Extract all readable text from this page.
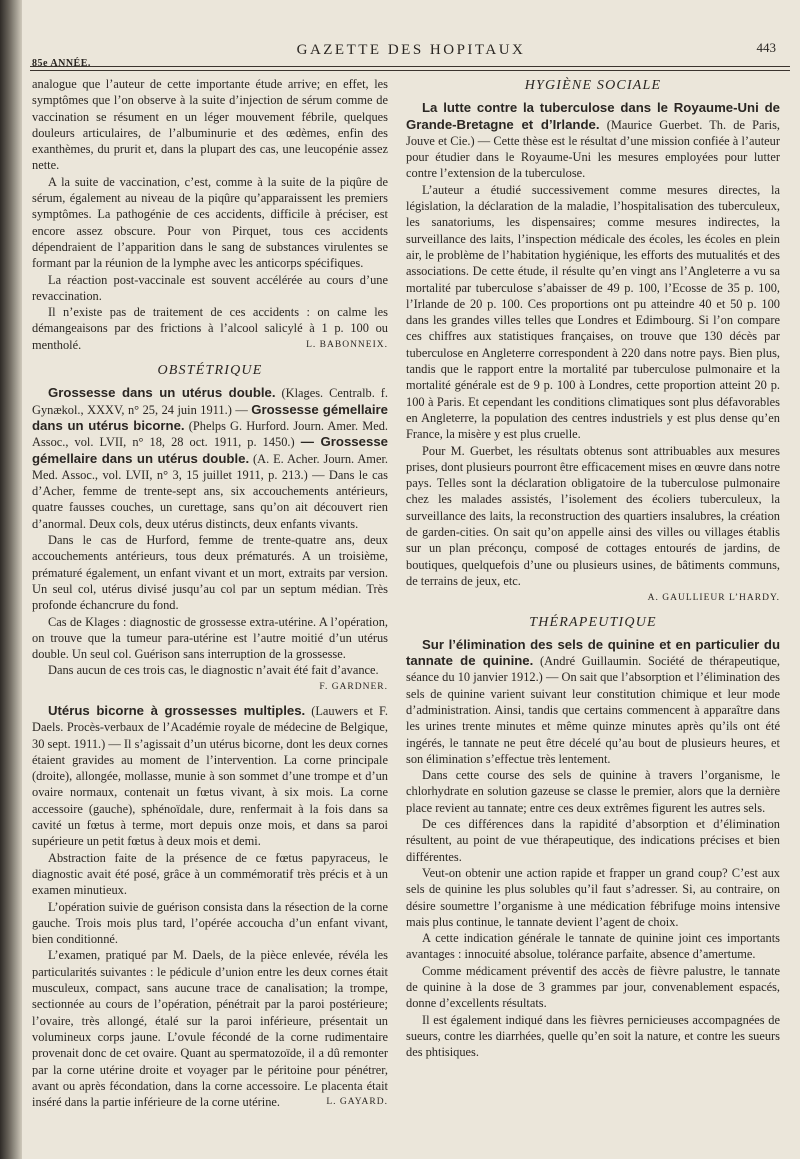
85e ANNÉE.
GAZETTE DES HOPITAUX	443

analogue que l’auteur de cette importante étude arrive; en effet, les symptômes que l’on observe à la suite d’injection de sérum comme de vaccination se résument en un léger mouvement fébrile, quelques douleurs articulaires, de l’albuminurie et des œdèmes, enfin des exanthèmes, du prurit et, dans la plupart des cas, une leucopénie assez nette.

A la suite de vaccination, c’est, comme à la suite de la piqûre de sérum, également au niveau de la piqûre qu’apparaissent les premiers symptômes. La pathogénie de ces accidents, difficile à préciser, est encore assez obscure. Pour von Pirquet, tous ces accidents dépendraient de l’apparition dans le sang de substances virulentes se formant par la réunion de la lymphe avec les anticorps spécifiques.

La réaction post-vaccinale est souvent accélérée au cours d’une revaccination.

Il n’existe pas de traitement de ces accidents : on calme les démangeaisons par des frictions à l’alcool salicylé à 1 p. 100 ou mentholé.	L. BABONNEIX.

OBSTÉTRIQUE

Grossesse dans un utérus double. (Klages. Centralb. f. Gynækol., XXXV, n° 25, 24 juin 1911.) — Grossesse gémellaire dans un utérus bicorne. (Phelps G. Hurford. Journ. Amer. Med. Assoc., vol. LVII, n° 18, 28 oct. 1911, p. 1450.) — Grossesse gémellaire dans un utérus double. (A. E. Acher. Journ. Amer. Med. Assoc., vol. LVII, n° 3, 15 juillet 1911, p. 213.) — Dans le cas d’Acher, femme de trente-sept ans, six accouchements antérieurs, quatre fausses couches, un curettage, sans qu’on ait découvert rien d’anormal. Deux cols, deux utérus distincts, deux enfants vivants.

Dans le cas de Hurford, femme de trente-quatre ans, deux accouchements antérieurs, tous deux prématurés. A un troisième, prématuré également, un enfant vivant et un mort, extraits par version. Un seul col, utérus divisé jusqu’au col par un septum médian. Très profonde échancrure du fond.

Cas de Klages : diagnostic de grossesse extra-utérine. A l’opération, on trouve que la tumeur para-utérine est l’autre moitié d’un utérus double. Un seul col. Guérison sans interruption de la grossesse.

Dans aucun de ces trois cas, le diagnostic n’avait été fait d’avance.
F. GARDNER.

Utérus bicorne à grossesses multiples. (Lauwers et F. Daels. Procès-verbaux de l’Académie royale de médecine de Belgique, 30 sept. 1911.) — Il s’agissait d’un utérus bicorne, dont les deux cornes étaient gravides au moment de l’intervention. La corne principale (droite), allongée, mollasse, munie à son sommet d’une trompe et d’un ovaire normaux, contenait un fœtus vivant, à six mois. La corne accessoire (gauche), sphénoïdale, dure, renfermait à la fois dans sa cavité un fœtus à terme, mort depuis onze mois, et dans sa paroi supérieure un petit fœtus à deux mois et demi.

Abstraction faite de la présence de ce fœtus papyraceus, le diagnostic avait été posé, grâce à un commémoratif très précis et à un examen minutieux.

L’opération suivie de guérison consista dans la résection de la corne gauche. Trois mois plus tard, l’opérée accoucha d’un enfant vivant, bien conditionné.

L’examen, pratiqué par M. Daels, de la pièce enlevée, révéla les particularités suivantes : le pédicule d’union entre les deux cornes était musculeux, compact, sans aucune trace de canalisation; la trompe, sectionnée au cours de l’opération, pénétrait par la paroi postérieure; l’ovaire, très allongé, étalé sur la paroi inférieure, présentait un volumineux corps jaune. L’ovule fécondé de la corne rudimentaire provenait donc de cet ovaire. Quant au spermatozoïde, il a dû remonter par la corne utérine droite et voyager par le péritoine pour pénétrer, avant ou après fécondation, dans la corne accessoire. Le placenta était inséré dans la partie inférieure de la corne utérine.	L. GAYARD.

HYGIÈNE SOCIALE

La lutte contre la tuberculose dans le Royaume-Uni de Grande-Bretagne et d’Irlande. (Maurice Guerbet. Th. de Paris, Jouve et Cie.) — Cette thèse est le résultat d’une mission confiée à l’auteur pour étudier dans le Royaume-Uni les mesures employées pour lutter contre l’extension de la tuberculose.

L’auteur a étudié successivement comme mesures directes, la législation, la déclaration de la maladie, l’hospitalisation des tuberculeux, les sanatoriums, les dispensaires; comme mesures indirectes, la surveillance des laits, l’inspection médicale des écoles, les écoles en plein air, le problème de l’habitation hygiénique, les efforts des mutualités et des associations. De cette étude, il résulte qu’en vingt ans l’Angleterre a vu sa mortalité par tuberculose s’abaisser de 49 p. 100, l’Ecosse de 35 p. 100, l’Irlande de 20 p. 100. Ces proportions ont pu atteindre 40 et 50 p. 100 dans les grandes villes telles que Londres et Edimbourg. Si l’on compare ces chiffres aux statistiques françaises, on trouve que 130 décès par tuberculose en Angleterre correspondent à 220 dans notre pays. Bien plus, tandis que le rapport entre la mortalité par tuberculose pulmonaire et la mortalité générale est de 9 p. 100 à Londres, cette proportion atteint 20 p. 100 à Paris. Et cependant les conditions climatiques sont plus défavorables en Angleterre, la population des centres industriels y est plus dense qu’en France, la misère y est plus cruelle.

Pour M. Guerbet, les résultats obtenus sont attribuables aux mesures prises, dont plusieurs pourront être efficacement mises en œuvre dans notre pays. Telles sont la déclaration obligatoire de la tuberculose pulmonaire chez les malades assistés, l’isolement des écoliers tuberculeux, la surveillance des laits, la reconstruction des quartiers insalubres, la création de garden-cities. On sait qu’on appelle ainsi des villes ou villages établis sur un plan préconçu, composé de cottages entourés de jardins, de boutiques, quelquefois d’une ou plusieurs usines, de bâtiments communs, de terrains de jeux, etc.

A. GAULLIEUR L’HARDY.
THÉRAPEUTIQUE

Sur l’élimination des sels de quinine et en particulier du tannate de quinine. (André Guillaumin. Société de thérapeutique, séance du 10 janvier 1912.) — On sait que l’absorption et l’élimination des sels de quinine varient suivant leur constitution chimique et leur mode d’administration. Ainsi, tandis que certains commencent à apparaître dans les urines trente minutes et même quinze minutes après qu’ils ont été ingérés, le tannate ne peut être décelé qu’au bout de plusieurs heures, et son élimination s’effectue très lentement.

Dans cette course des sels de quinine à travers l’organisme, le chlorhydrate en solution gazeuse se classe le premier, alors que la dernière place revient au tannate; entre ces deux extrêmes figurent les autres sels.

De ces différences dans la rapidité d’absorption et d’élimination résultent, au point de vue thérapeutique, des indications précises et bien différentes.

Veut-on obtenir une action rapide et frapper un grand coup? C’est aux sels de quinine les plus solubles qu’il faut s’adresser. Si, au contraire, on désire soumettre l’organisme à une médication fébrifuge moins intensive mais plus continue, le tannate devient l’agent de choix.

A cette indication générale le tannate de quinine joint ces importants avantages : innocuité absolue, tolérance parfaite, absence d’amertume.

Comme médicament préventif des accès de fièvre palustre, le tannate de quinine à la dose de 3 grammes par jour, convenablement espacés, donne d’excellents résultats.

Il est également indiqué dans les fièvres pernicieuses accompagnées de sueurs, contre les diarrhées, quelle qu’en soit la nature, et contre les sueurs des phtisiques.
